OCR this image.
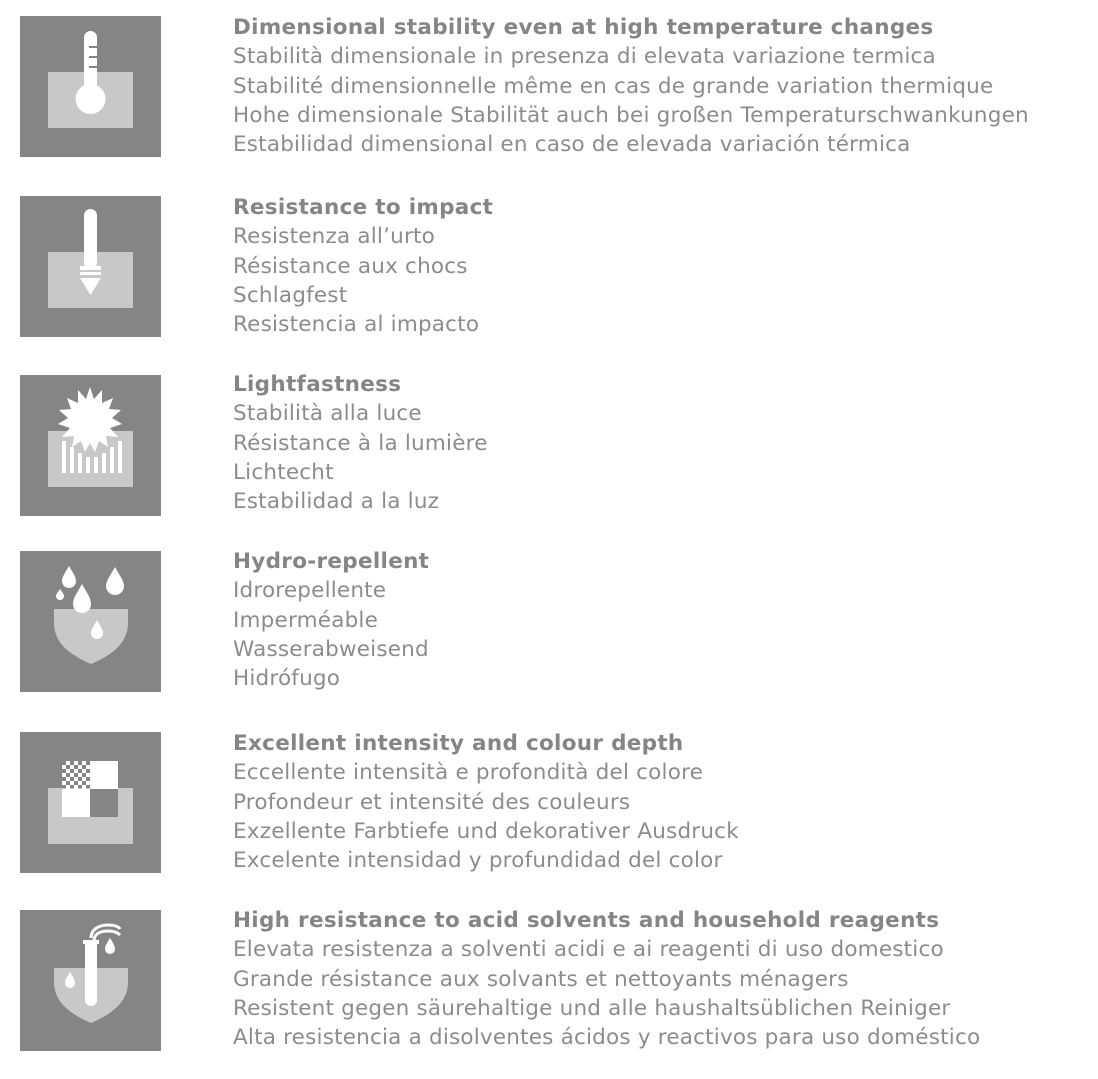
Dimensional stability even at high temperature changes
Stabilità dimensionale in presenza di elevata variazione termica
Stabilité dimensionnelle même en cas de grande variation thermique
Hohe dimensionale Stabilität auch bei großen Temperaturschwankungen
Estabilidad dimensional en caso de elevada variación térmica
Resistance to impact
Resistenza all’urto
Résistance aux chocs
Schlagfest
Resistencia al impacto
Lightfastness
Stabilità alla luce
Résistance à la lumière
Lichtecht
Estabilidad a la luz
Hydro-repellent
Idrorepellente
Imperméable
Wasserabweisend
Hidrófugo
Excellent intensity and colour depth
Eccellente intensità e profondità del colore
Profondeur et intensité des couleurs
Exzellente Farbtiefe und dekorativer Ausdruck
Excelente intensidad y profundidad del color
High resistance to acid solvents and household reagents
Elevata resistenza a solventi acidi e ai reagenti di uso domestico
Grande résistance aux solvants et nettoyants ménagers
Resistent gegen säurehaltige und alle haushaltsüblichen Reiniger
Alta resistencia a disolventes ácidos y reactivos para uso doméstico
